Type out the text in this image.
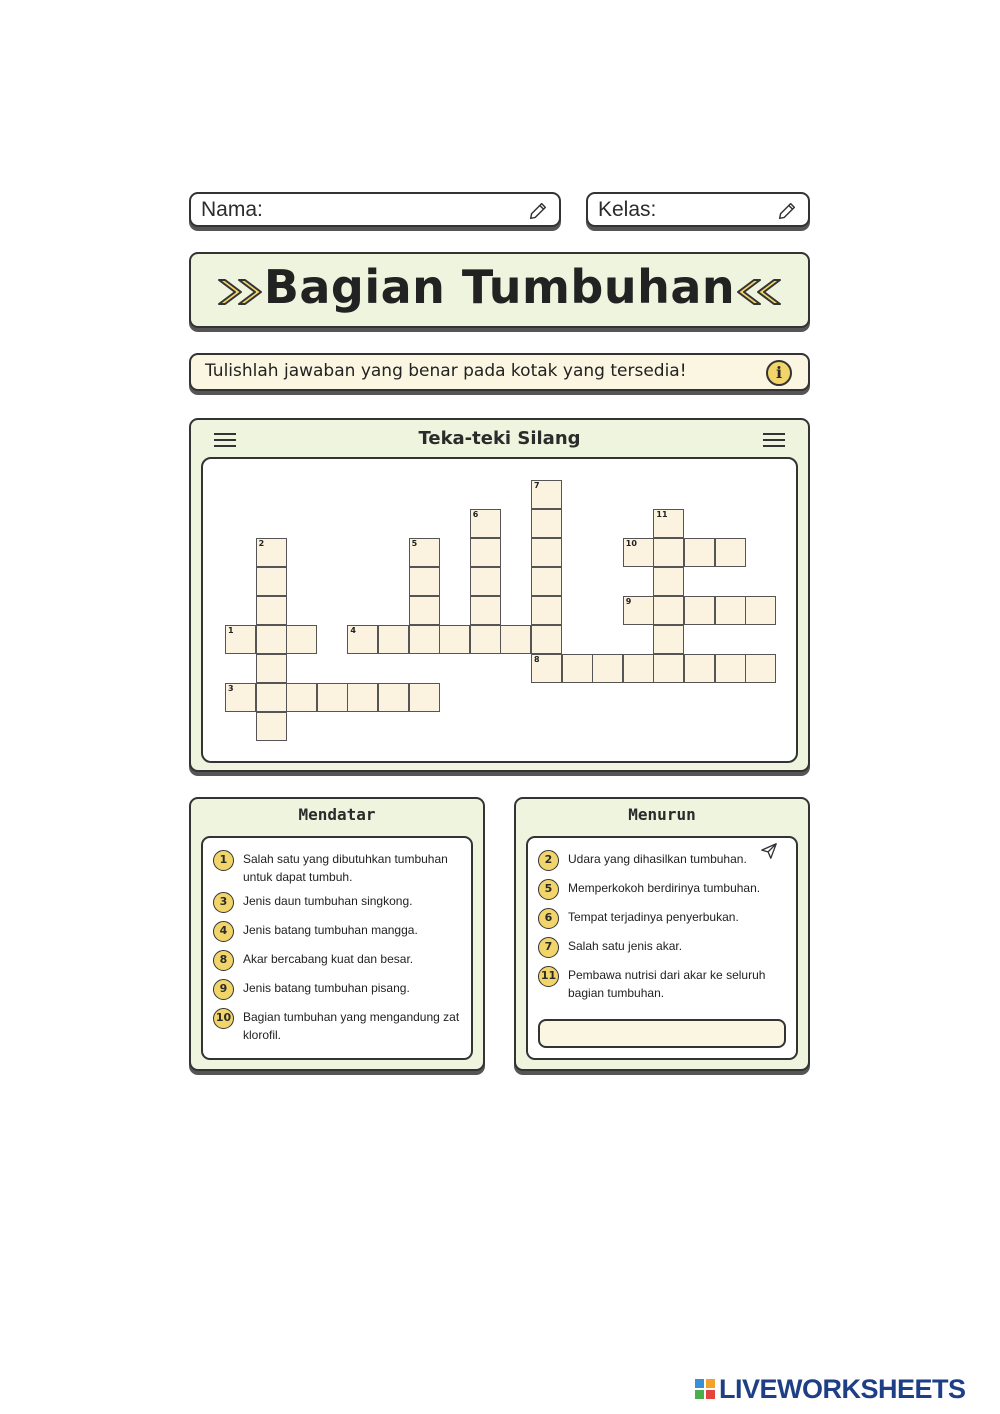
Nama:	Kelas:
Bagian Tumbuhan
Tulishlah jawaban yang benar pada kotak yang tersedia!	i
Teka-teki Silang
1
2
3
4
5
6
7
8
9
10
11
Mendatar
1	Salah satu yang dibutuhkan tumbuhan untuk dapat tumbuh.
3	Jenis daun tumbuhan singkong.
4	Jenis batang tumbuhan mangga.
8	Akar bercabang kuat dan besar.
9	Jenis batang tumbuhan pisang.
10 Bagian tumbuhan yang mengandung zat klorofil.
Menurun
2	Udara yang dihasilkan tumbuhan.
5	Memperkokoh berdirinya tumbuhan.
6	Tempat terjadinya penyerbukan.
7	Salah satu jenis akar.
11 Pembawa nutrisi dari akar ke seluruh bagian tumbuhan.
LIVEWORKSHEETS
